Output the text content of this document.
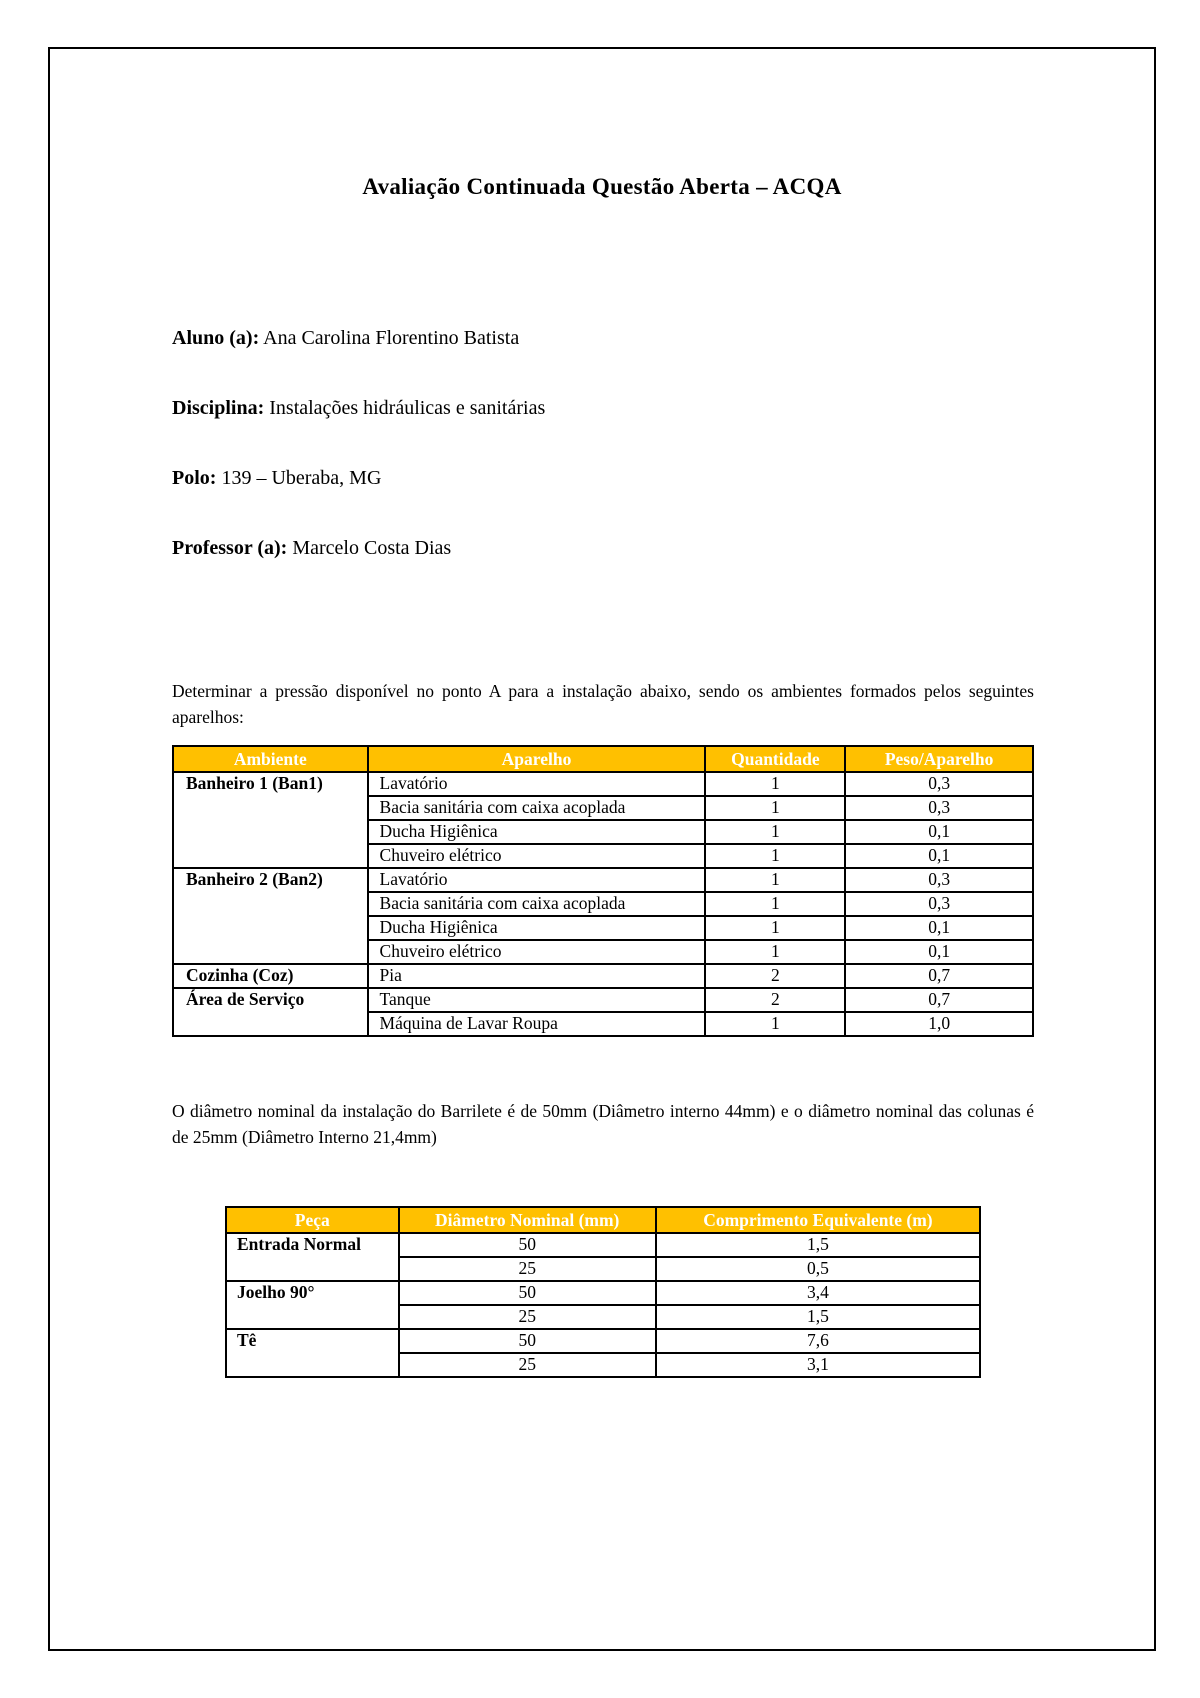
Avaliação Continuada Questão Aberta – ACQA
Aluno (a): Ana Carolina Florentino Batista
Disciplina: Instalações hidráulicas e sanitárias
Polo: 139 – Uberaba, MG
Professor (a): Marcelo Costa Dias
Determinar a pressão disponível no ponto A para a instalação abaixo, sendo os ambientes formados pelos seguintes aparelhos:
Ambiente	Aparelho	Quantidade	Peso/Aparelho
Banheiro 1 (Ban1)	Lavatório	1	0,3
	Bacia sanitária com caixa acoplada	1	0,3
	Ducha Higiênica	1	0,1
	Chuveiro elétrico	1	0,1
Banheiro 2 (Ban2)	Lavatório	1	0,3
	Bacia sanitária com caixa acoplada	1	0,3
	Ducha Higiênica	1	0,1
	Chuveiro elétrico	1	0,1
Cozinha (Coz)	Pia	2	0,7
Área de Serviço	Tanque	2	0,7
	Máquina de Lavar Roupa	1	1,0
O diâmetro nominal da instalação do Barrilete é de 50mm (Diâmetro interno 44mm) e o diâmetro nominal das colunas é de 25mm (Diâmetro Interno 21,4mm)
Peça	Diâmetro Nominal (mm)	Comprimento Equivalente (m)
Entrada Normal	50	1,5
	25	0,5
Joelho 90°	50	3,4
	25	1,5
Tê	50	7,6
	25	3,1
